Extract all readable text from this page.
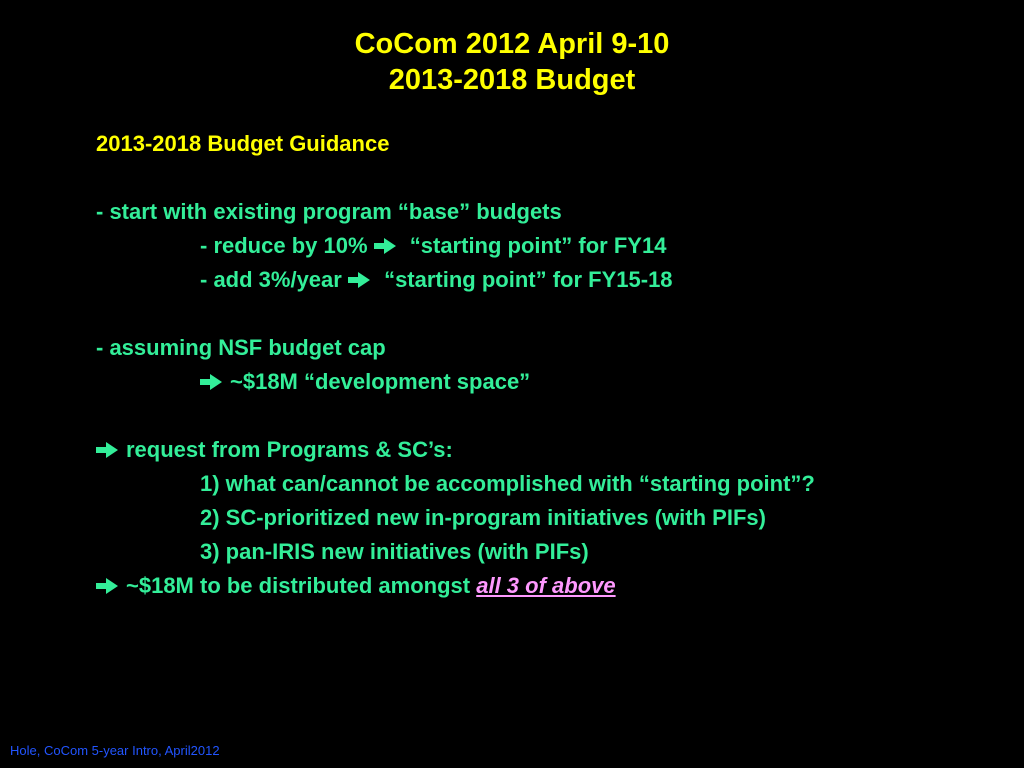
CoCom 2012 April 9-10
2013-2018 Budget
2013-2018 Budget Guidance
- start with existing program “base” budgets
- reduce by 10%
“starting point” for FY14
- add 3%/year
“starting point” for FY15-18
- assuming NSF budget cap
~$18M “development space”
request from Programs & SC’s:
1) what can/cannot be accomplished with “starting point”?
2) SC-prioritized new in-program initiatives (with PIFs)
3) pan-IRIS new initiatives (with PIFs)
~$18M to be distributed amongst all 3 of above
Hole, CoCom 5-year Intro, April2012
